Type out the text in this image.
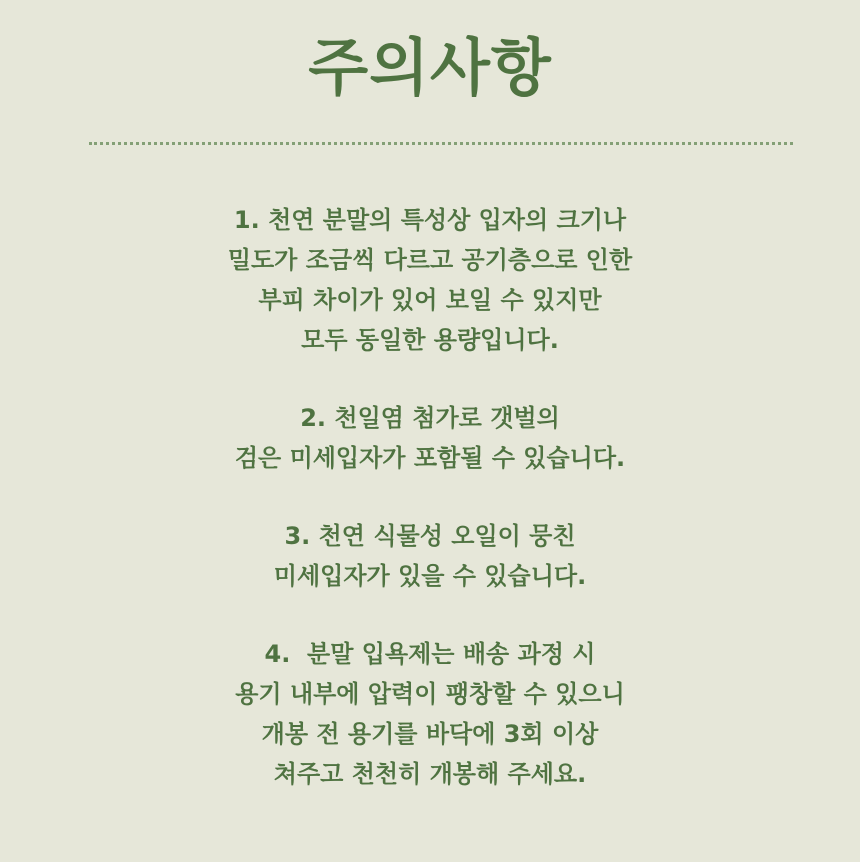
주의사항
1. 천연 분말의 특성상 입자의 크기나
밀도가 조금씩 다르고 공기층으로 인한
부피 차이가 있어 보일 수 있지만
모두 동일한 용량입니다.
2. 천일염 첨가로 갯벌의
검은 미세입자가 포함될 수 있습니다.
3. 천연 식물성 오일이 뭉친
미세입자가 있을 수 있습니다.
4.  분말 입욕제는 배송 과정 시
용기 내부에 압력이 팽창할 수 있으니
개봉 전 용기를 바닥에 3회 이상
쳐주고 천천히 개봉해 주세요.
